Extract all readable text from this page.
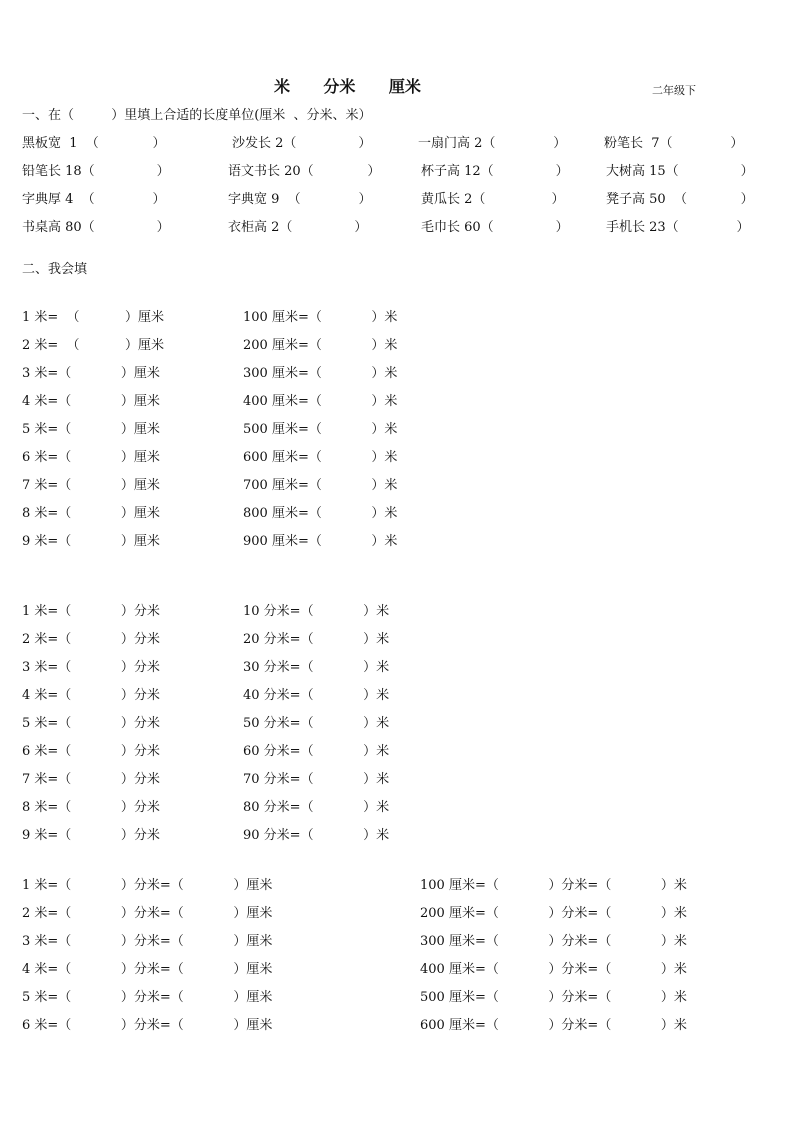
米      分米      厘米	二年级下
一、在（         ）里填上合适的长度单位(厘米  、分米、米）
黑板宽  1  （             ）	沙发长 2（               ）	一扇门高 2（              ）	粉笔长  7（              ）
铅笔长 18（               ）	语文书长 20（             ）	杯子高 12（               ）	大树高 15（               ）
字典厚 4  （              ）	字典宽 9  （              ）	黄瓜长 2（                ）	凳子高 50  （             ）
书桌高 80（               ）	衣柜高 2（               ）	毛巾长 60（               ）	手机长 23（              ）
二、我会填
1 米=  （           ）厘米	100 厘米=（            ）米
2 米=  （           ）厘米	200 厘米=（            ）米
3 米=（            ）厘米	300 厘米=（            ）米
4 米=（            ）厘米	400 厘米=（            ）米
5 米=（            ）厘米	500 厘米=（            ）米
6 米=（            ）厘米	600 厘米=（            ）米
7 米=（            ）厘米	700 厘米=（            ）米
8 米=（            ）厘米	800 厘米=（            ）米
9 米=（            ）厘米	900 厘米=（            ）米
1 米=（            ）分米	10 分米=（            ）米
2 米=（            ）分米	20 分米=（            ）米
3 米=（            ）分米	30 分米=（            ）米
4 米=（            ）分米	40 分米=（            ）米
5 米=（            ）分米	50 分米=（            ）米
6 米=（            ）分米	60 分米=（            ）米
7 米=（            ）分米	70 分米=（            ）米
8 米=（            ）分米	80 分米=（            ）米
9 米=（            ）分米	90 分米=（            ）米
1 米=（            ）分米=（            ）厘米	100 厘米=（            ）分米=（            ）米
2 米=（            ）分米=（            ）厘米	200 厘米=（            ）分米=（            ）米
3 米=（            ）分米=（            ）厘米	300 厘米=（            ）分米=（            ）米
4 米=（            ）分米=（            ）厘米	400 厘米=（            ）分米=（            ）米
5 米=（            ）分米=（            ）厘米	500 厘米=（            ）分米=（            ）米
6 米=（            ）分米=（            ）厘米	600 厘米=（            ）分米=（            ）米
